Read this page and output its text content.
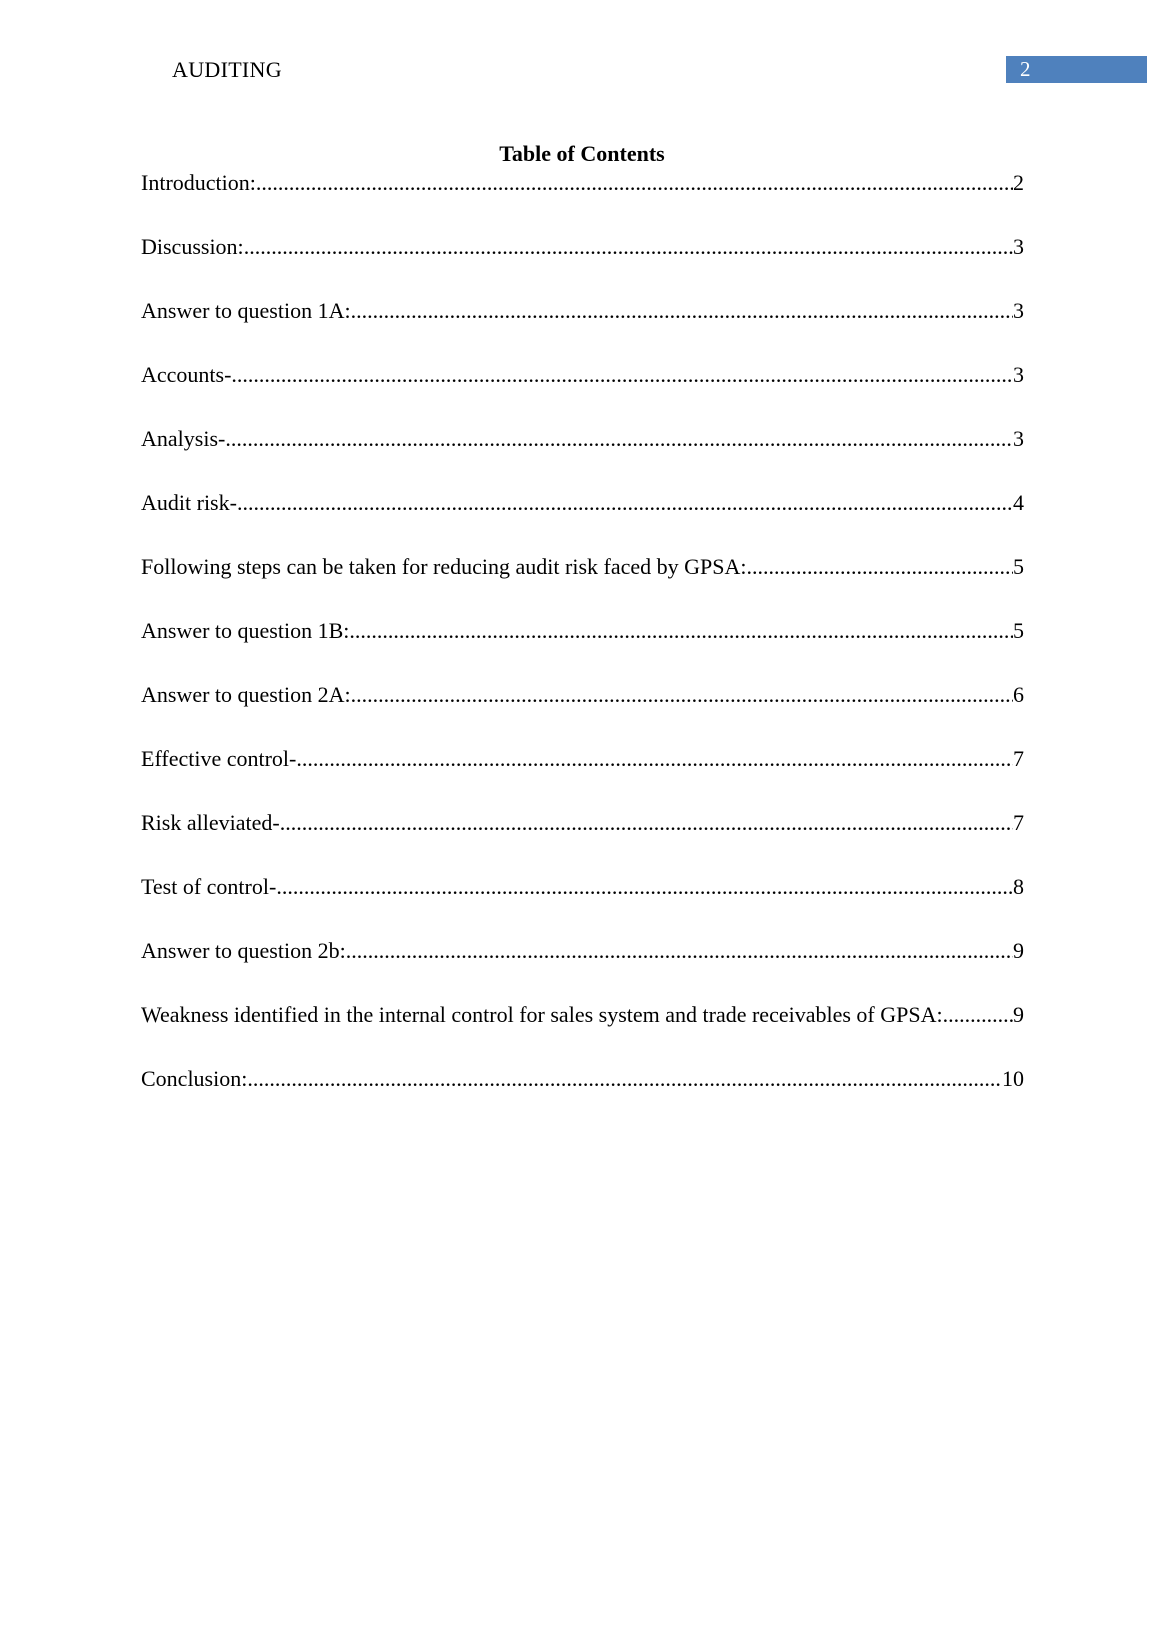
AUDITING	2
Table of Contents
Introduction: .....	2
Discussion: .....	3
Answer to question 1A: .....	3
Accounts- .....	3
Analysis- .....	3
Audit risk- .....	4
Following steps can be taken for reducing audit risk faced by GPSA: .....	5
Answer to question 1B: .....	5
Answer to question 2A: .....	6
Effective control- .....	7
Risk alleviated- .....	7
Test of control- .....	8
Answer to question 2b: .....	9
Weakness identified in the internal control for sales system and trade receivables of GPSA: .....	9
Conclusion: .....	10
